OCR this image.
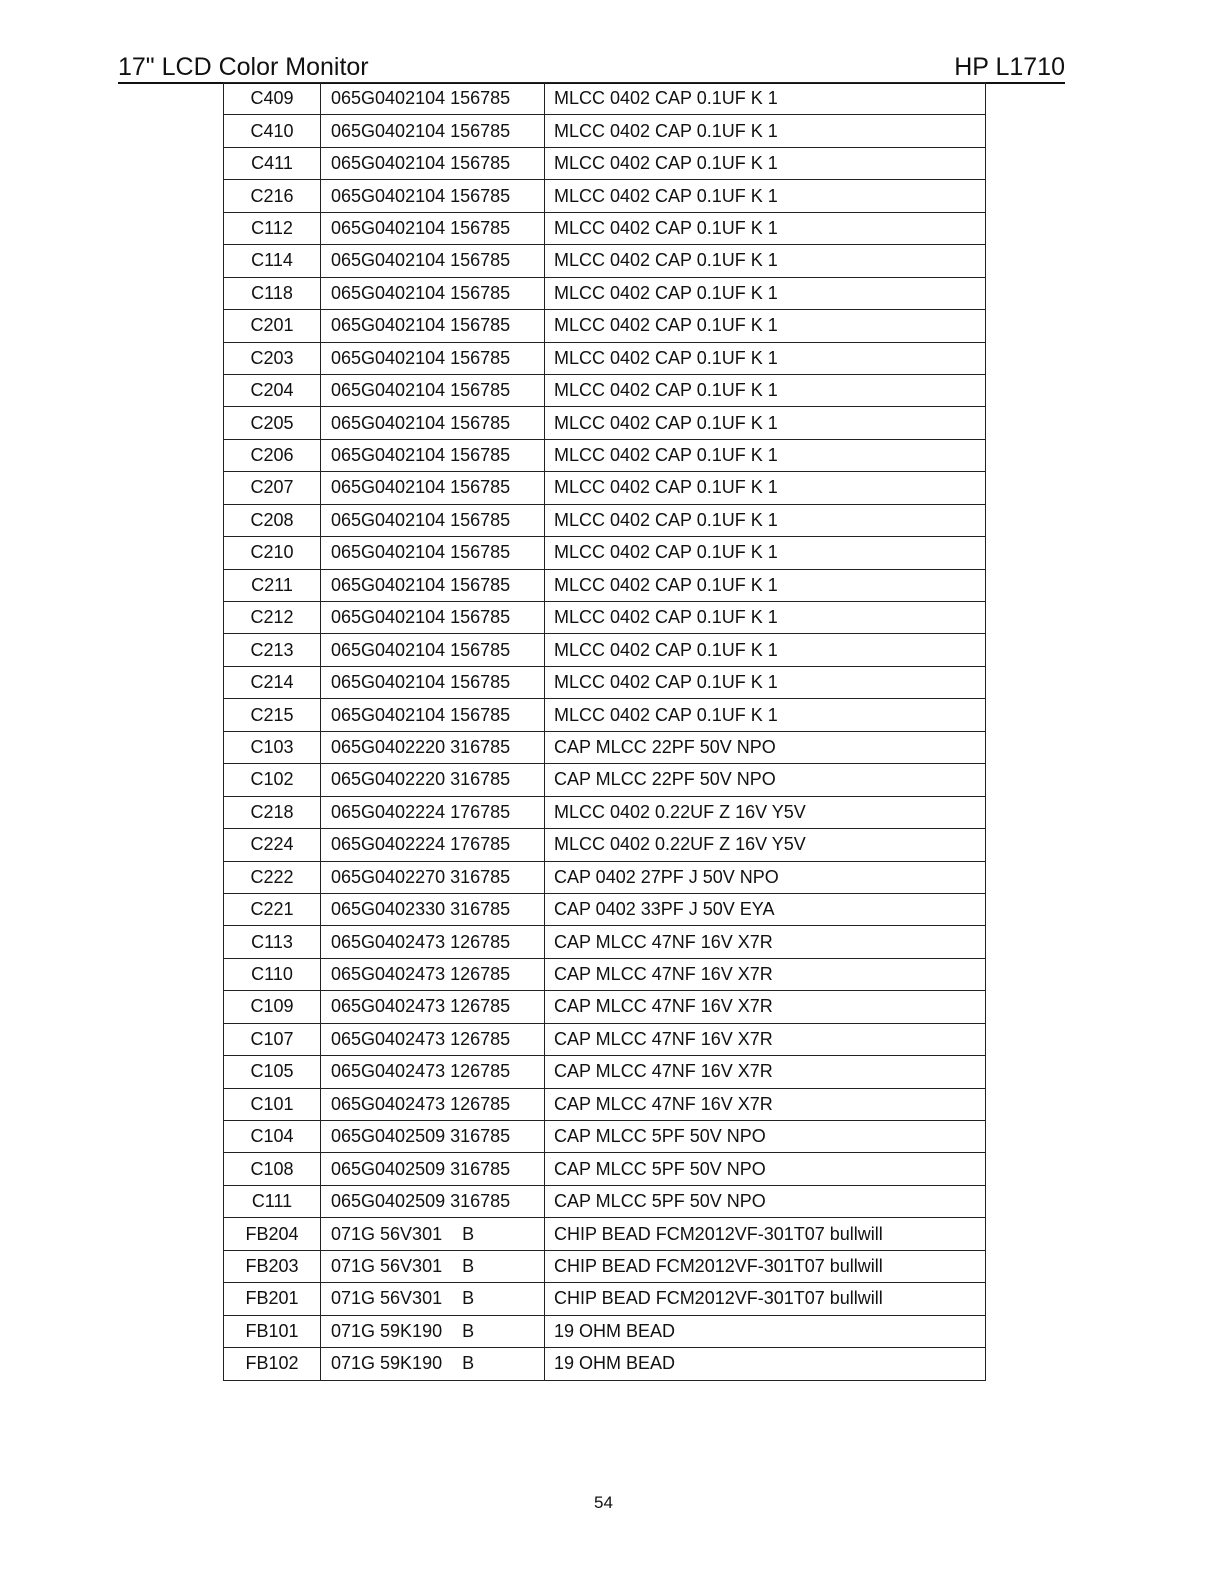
17" LCD Color Monitor	HP L1710
C409	065G0402104 156785	MLCC 0402 CAP 0.1UF K 1
C410	065G0402104 156785	MLCC 0402 CAP 0.1UF K 1
C411	065G0402104 156785	MLCC 0402 CAP 0.1UF K 1
C216	065G0402104 156785	MLCC 0402 CAP 0.1UF K 1
C112	065G0402104 156785	MLCC 0402 CAP 0.1UF K 1
C114	065G0402104 156785	MLCC 0402 CAP 0.1UF K 1
C118	065G0402104 156785	MLCC 0402 CAP 0.1UF K 1
C201	065G0402104 156785	MLCC 0402 CAP 0.1UF K 1
C203	065G0402104 156785	MLCC 0402 CAP 0.1UF K 1
C204	065G0402104 156785	MLCC 0402 CAP 0.1UF K 1
C205	065G0402104 156785	MLCC 0402 CAP 0.1UF K 1
C206	065G0402104 156785	MLCC 0402 CAP 0.1UF K 1
C207	065G0402104 156785	MLCC 0402 CAP 0.1UF K 1
C208	065G0402104 156785	MLCC 0402 CAP 0.1UF K 1
C210	065G0402104 156785	MLCC 0402 CAP 0.1UF K 1
C211	065G0402104 156785	MLCC 0402 CAP 0.1UF K 1
C212	065G0402104 156785	MLCC 0402 CAP 0.1UF K 1
C213	065G0402104 156785	MLCC 0402 CAP 0.1UF K 1
C214	065G0402104 156785	MLCC 0402 CAP 0.1UF K 1
C215	065G0402104 156785	MLCC 0402 CAP 0.1UF K 1
C103	065G0402220 316785	CAP MLCC 22PF 50V NPO
C102	065G0402220 316785	CAP MLCC 22PF 50V NPO
C218	065G0402224 176785	MLCC 0402 0.22UF Z 16V Y5V
C224	065G0402224 176785	MLCC 0402 0.22UF Z 16V Y5V
C222	065G0402270 316785	CAP 0402 27PF J 50V NPO
C221	065G0402330 316785	CAP 0402 33PF J 50V EYA
C113	065G0402473 126785	CAP MLCC 47NF 16V X7R
C110	065G0402473 126785	CAP MLCC 47NF 16V X7R
C109	065G0402473 126785	CAP MLCC 47NF 16V X7R
C107	065G0402473 126785	CAP MLCC 47NF 16V X7R
C105	065G0402473 126785	CAP MLCC 47NF 16V X7R
C101	065G0402473 126785	CAP MLCC 47NF 16V X7R
C104	065G0402509 316785	CAP MLCC 5PF 50V NPO
C108	065G0402509 316785	CAP MLCC 5PF 50V NPO
C111	065G0402509 316785	CAP MLCC 5PF 50V NPO
FB204	071G 56V301    B	CHIP BEAD FCM2012VF-301T07 bullwill
FB203	071G 56V301    B	CHIP BEAD FCM2012VF-301T07 bullwill
FB201	071G 56V301    B	CHIP BEAD FCM2012VF-301T07 bullwill
FB101	071G 59K190    B	19 OHM BEAD
FB102	071G 59K190    B	19 OHM BEAD
54
